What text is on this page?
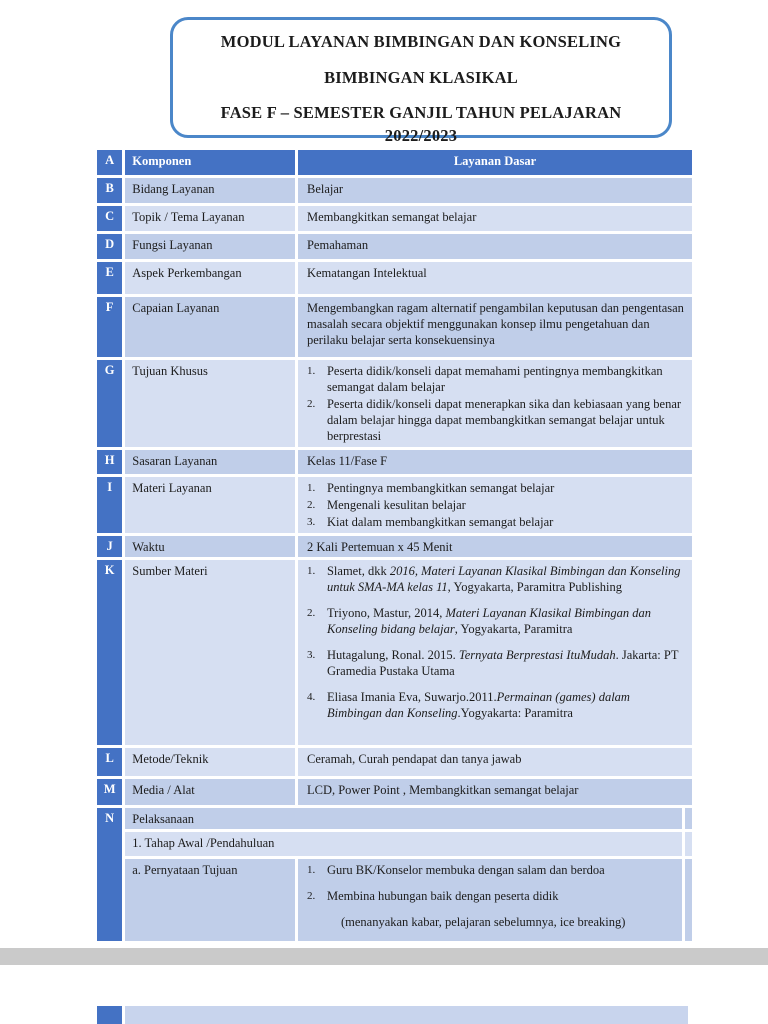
MODUL LAYANAN BIMBINGAN DAN KONSELING

BIMBINGAN KLASIKAL

FASE F – SEMESTER GANJIL TAHUN PELAJARAN

2022/2023

A	Komponen	Layanan Dasar	
B	Bidang Layanan	Belajar	
C	Topik / Tema Layanan	Membangkitkan semangat belajar	
D	Fungsi Layanan	Pemahaman	
E	Aspek Perkembangan	Kematangan Intelektual	
F	Capaian Layanan	Mengembangkan ragam alternatif pengambilan keputusan dan pengentasan masalah secara objektif menggunakan konsep ilmu pengetahuan dan perilaku belajar serta konsekuensinya	
G	Tujuan Khusus	1. Peserta didik/konseli dapat memahami pentingnya membangkitkan semangat dalam belajar
2. Peserta didik/konseli dapat menerapkan sika dan kebiasaan yang benar dalam belajar hingga dapat membangkitkan semangat belajar untuk berprestasi	

H	Sasaran Layanan	Kelas 11/Fase F	
I	Materi Layanan	1. Pentingnya membangkitkan semangat belajar
2. Mengenali kesulitan belajar
3. Kiat dalam membangkitkan semangat belajar

J	Waktu	2 Kali Pertemuan x 45 Menit	
K	Sumber Materi	1. Slamet, dkk 2016, Materi Layanan Klasikal Bimbingan dan Konseling untuk SMA-MA kelas 11, Yogyakarta, Paramitra Publishing
2. Triyono, Mastur, 2014, Materi Layanan Klasikal Bimbingan dan Konseling bidang belajar, Yogyakarta, Paramitra
3. Hutagalung, Ronal. 2015. Ternyata Berprestasi ItuMudah. Jakarta: PT Gramedia Pustaka Utama
4. Eliasa Imania Eva, Suwarjo.2011.Permainan (games) dalam Bimbingan dan Konseling.Yogyakarta: Paramitra

L	Metode/Teknik	Ceramah, Curah pendapat dan tanya jawab	
M	Media / Alat	LCD, Power Point , Membangkitkan semangat belajar	
N	Pelaksanaan		
	1. Tahap Awal /Pendahuluan		
	a. Pernyataan Tujuan	1. Guru BK/Konselor membuka dengan salam dan berdoa
2. Membina hubungan baik dengan peserta didik
(menanyakan kabar, pelajaran sebelumnya, ice breaking)	
